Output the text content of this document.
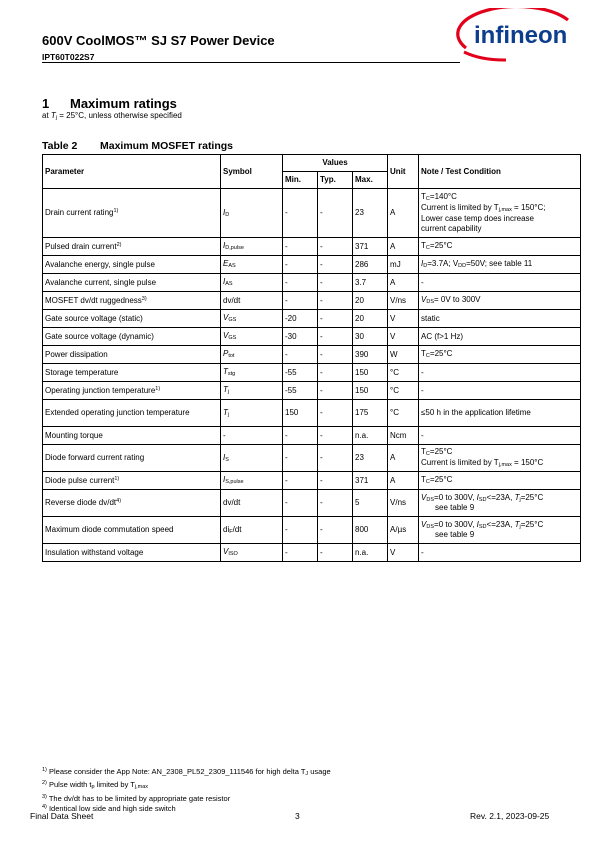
600V CoolMOS™ SJ S7 Power Device
IPT60T022S7
infineon
1 Maximum ratings
at $T_j = 25^\circ C$, unless otherwise specified
Table 2 Maximum MOSFET ratings
Parameter	Symbol	Values			Unit	Note / Test Condition
		Min.	Typ.	Max.		
Drain current rating$^{1)}$	$I_D$	-	-	23	A	$T_C=140^\circ C$
Current is limited by $T_{j,max} = 150^\circ C$;
Lower case temp does increase
current capability
Pulsed drain current$^{2)}$	$I_{D,pulse}$	-	-	371	A	$T_C=25^\circ C$
Avalanche energy, single pulse	$E_{AS}$	-	-	286	mJ	$I_D=3.7A$; $V_{DD}=50V$; see table 11
Avalanche current, single pulse	$I_{AS}$	-	-	3.7	A	-
MOSFET dv/dt ruggedness$^{3)}$	dv/dt	-	-	20	V/ns	$V_{DS}= 0V$ to 300V
Gate source voltage (static)	$V_{GS}$	-20	-	20	V	static
Gate source voltage (dynamic)	$V_{GS}$	-30	-	30	V	AC (f>1 Hz)
Power dissipation	$P_{tot}$	-	-	390	W	$T_C=25^\circ C$
Storage temperature	$T_{stg}$	-55	-	150	°C	-
Operating junction temperature$^{1)}$	$T_j$	-55	-	150	°C	-
Extended operating junction temperature	$T_j$	150	-	175	°C	≤50 h in the application lifetime
Mounting torque	-	-	-	n.a.	Ncm	-
Diode forward current rating	$I_S$	-	-	23	A	$T_C=25^\circ C$
Current is limited by $T_{j,max} = 150^\circ C$
Diode pulse current$^{1)}$	$I_{S,pulse}$	-	-	371	A	$T_C=25^\circ C$
Reverse diode $dv/dt^{4)}$	dv/dt	-	-	5	V/ns	$V_{DS}=0$ to 300V, $I_{SD}<=23A$, $T_j=25^\circ C$
see table 9
Maximum diode commutation speed	$di_F/dt$	-	-	800	A/µs	$V_{DS}=0$ to 300V, $I_{SD}<=23A$, $T_j=25^\circ C$
see table 9
Insulation withstand voltage	$V_{ISO}$	-	-	n.a.	V	-
$^{1)}$ Please consider the App Note: AN_2308_PL52_2309_111546 for high delta $T_J$ usage
$^{2)}$ Pulse width $t_p$ limited by $T_{j,max}$
$^{3)}$ The dv/dt has to be limited by appropriate gate resistor
$^{4)}$ Identical low side and high side switch
Final Data Sheet	3	Rev. 2.1, 2023-09-25
